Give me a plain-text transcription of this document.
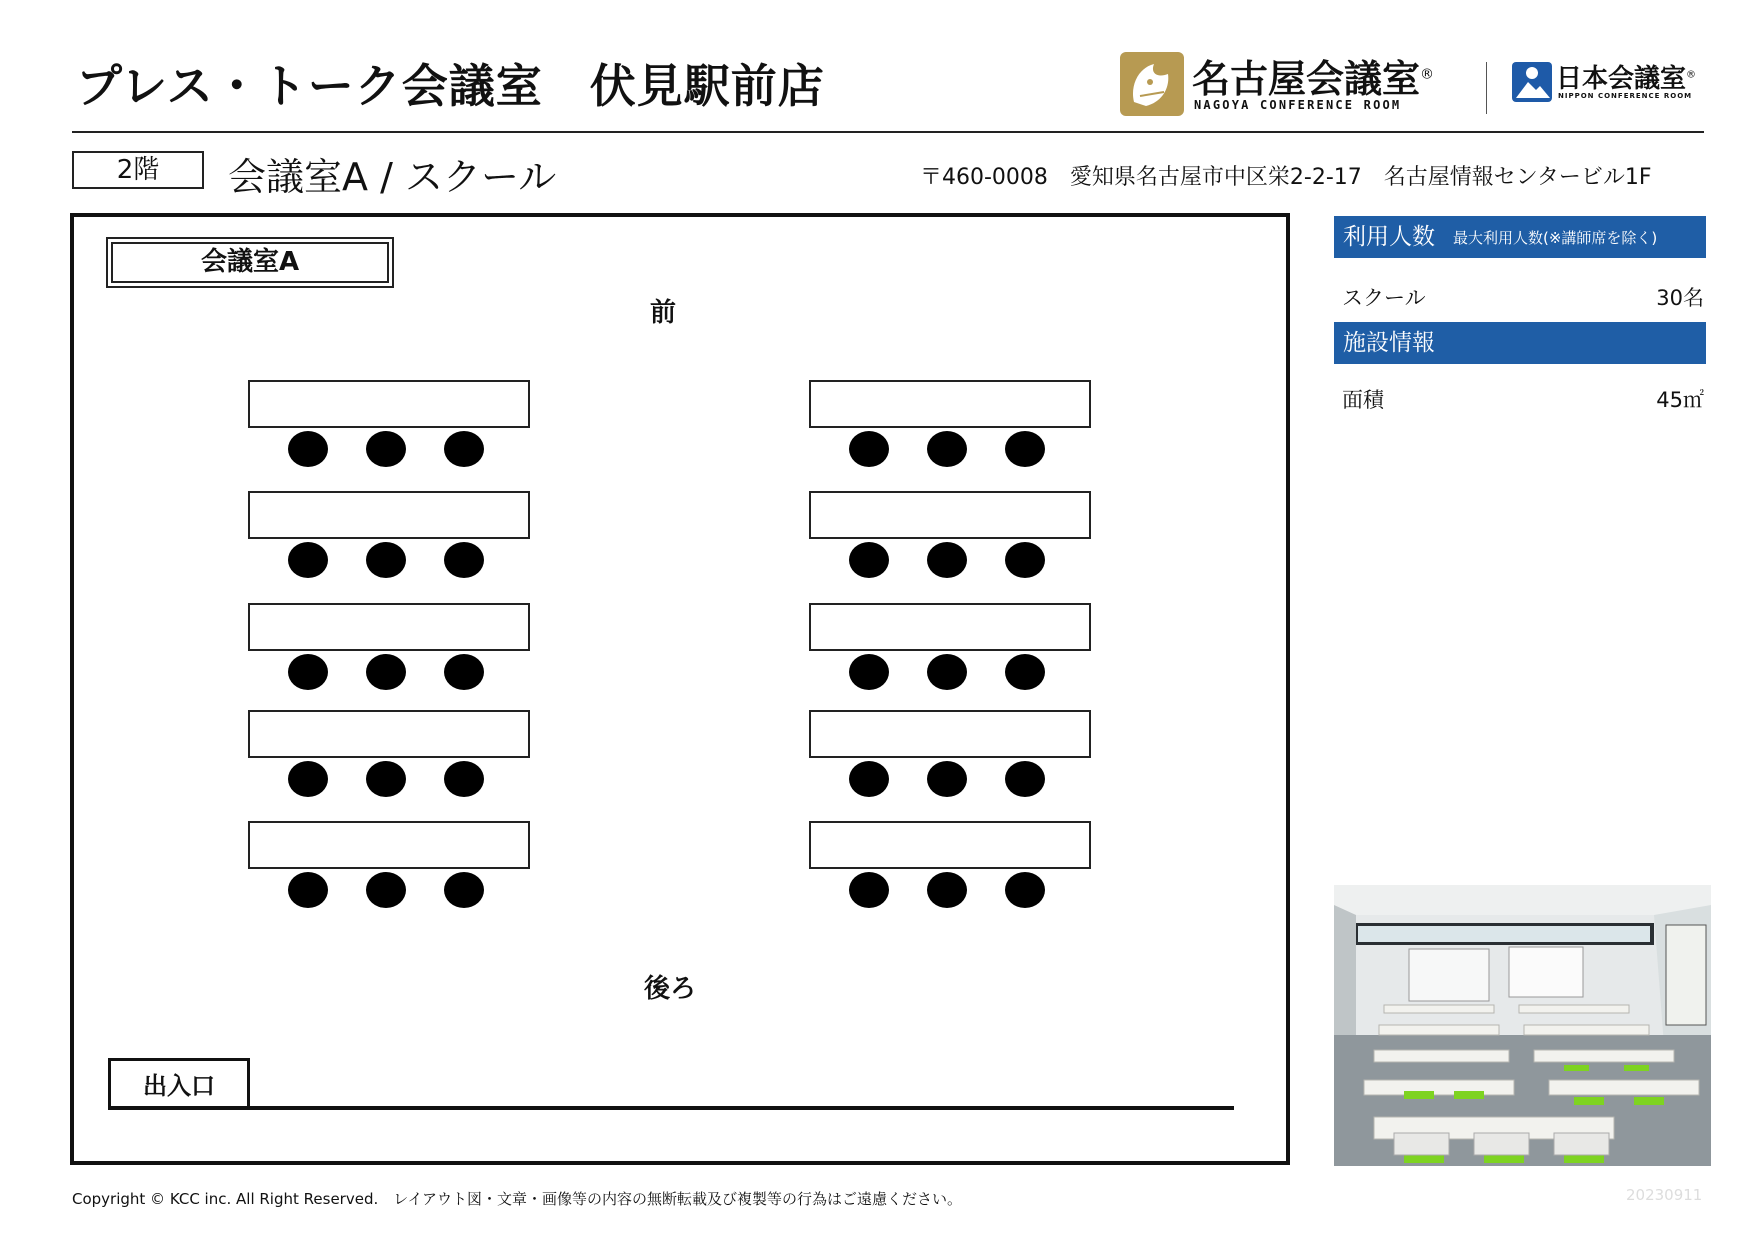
プレス・トーク会議室　伏見駅前店	名古屋会議室®
NAGOYA CONFERENCE ROOM
日本会議室®
NIPPON CONFERENCE ROOM
2階	会議室A / スクール	〒460-0008　愛知県名古屋市中区栄2-2-17　名古屋情報センタービル1F
会議室A
前
後ろ
出入口
利用人数 最大利用人数(※講師席を除く)
スクール	30名
施設情報
面積	45㎡
Copyright © KCC inc. All Right Reserved.　レイアウト図・文章・画像等の内容の無断転載及び複製等の行為はご遠慮ください。	20230911
